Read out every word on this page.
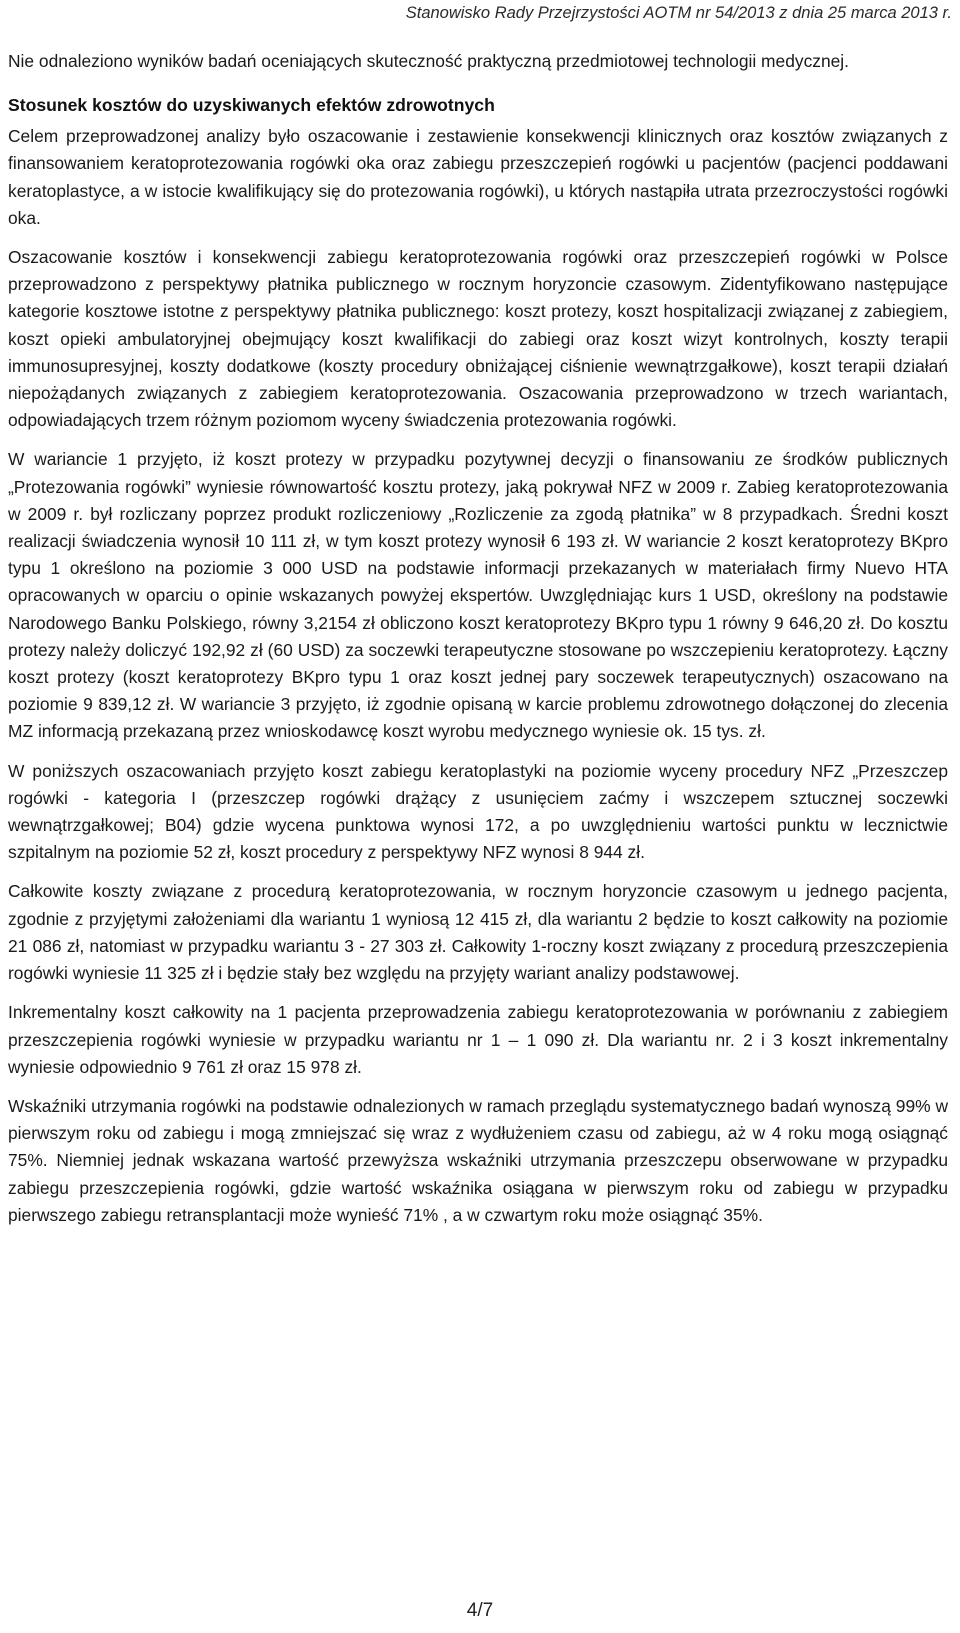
Stanowisko Rady Przejrzystości AOTM nr 54/2013 z dnia 25 marca 2013 r.

Nie odnaleziono wyników badań oceniających skuteczność praktyczną przedmiotowej technologii medycznej.

Stosunek kosztów do uzyskiwanych efektów zdrowotnych

Celem przeprowadzonej analizy było oszacowanie i zestawienie konsekwencji klinicznych oraz kosztów związanych z finansowaniem keratoprotezowania rogówki oka oraz zabiegu przeszczepień rogówki u pacjentów (pacjenci poddawani keratoplastyce, a w istocie kwalifikujący się do protezowania rogówki), u których nastąpiła utrata przezroczystości rogówki oka.

Oszacowanie kosztów i konsekwencji zabiegu keratoprotezowania rogówki oraz przeszczepień rogówki w Polsce przeprowadzono z perspektywy płatnika publicznego w rocznym horyzoncie czasowym. Zidentyfikowano następujące kategorie kosztowe istotne z perspektywy płatnika publicznego: koszt protezy, koszt hospitalizacji związanej z zabiegiem, koszt opieki ambulatoryjnej obejmujący koszt kwalifikacji do zabiegi oraz koszt wizyt kontrolnych, koszty terapii immunosupresyjnej, koszty dodatkowe (koszty procedury obniżającej ciśnienie wewnątrzgałkowe), koszt terapii działań niepożądanych związanych z zabiegiem keratoprotezowania. Oszacowania przeprowadzono w trzech wariantach, odpowiadających trzem różnym poziomom wyceny świadczenia protezowania rogówki.

W wariancie 1 przyjęto, iż koszt protezy w przypadku pozytywnej decyzji o finansowaniu ze środków publicznych „Protezowania rogówki” wyniesie równowartość kosztu protezy, jaką pokrywał NFZ w 2009 r. Zabieg keratoprotezowania w 2009 r. był rozliczany poprzez produkt rozliczeniowy „Rozliczenie za zgodą płatnika” w 8 przypadkach. Średni koszt realizacji świadczenia wynosił 10 111 zł, w tym koszt protezy wynosił 6 193 zł. W wariancie 2 koszt keratoprotezy BKpro typu 1 określono na poziomie 3 000 USD na podstawie informacji przekazanych w materiałach firmy Nuevo HTA opracowanych w oparciu o opinie wskazanych powyżej ekspertów. Uwzględniając kurs 1 USD, określony na podstawie Narodowego Banku Polskiego, równy 3,2154 zł obliczono koszt keratoprotezy BKpro typu 1 równy 9 646,20 zł. Do kosztu protezy należy doliczyć 192,92 zł (60 USD) za soczewki terapeutyczne stosowane po wszczepieniu keratoprotezy. Łączny koszt protezy (koszt keratoprotezy BKpro typu 1 oraz koszt jednej pary soczewek terapeutycznych) oszacowano na poziomie 9 839,12 zł. W wariancie 3 przyjęto, iż zgodnie opisaną w karcie problemu zdrowotnego dołączonej do zlecenia MZ informacją przekazaną przez wnioskodawcę koszt wyrobu medycznego wyniesie ok. 15 tys. zł.

W poniższych oszacowaniach przyjęto koszt zabiegu keratoplastyki na poziomie wyceny procedury NFZ „Przeszczep rogówki - kategoria I (przeszczep rogówki drążący z usunięciem zaćmy i wszczepem sztucznej soczewki wewnątrzgałkowej; B04) gdzie wycena punktowa wynosi 172, a po uwzględnieniu wartości punktu w lecznictwie szpitalnym na poziomie 52 zł, koszt procedury z perspektywy NFZ wynosi 8 944 zł.

Całkowite koszty związane z procedurą keratoprotezowania, w rocznym horyzoncie czasowym u jednego pacjenta, zgodnie z przyjętymi założeniami dla wariantu 1 wyniosą 12 415 zł, dla wariantu 2 będzie to koszt całkowity na poziomie 21 086 zł, natomiast w przypadku wariantu 3 - 27 303 zł. Całkowity 1-roczny koszt związany z procedurą przeszczepienia rogówki wyniesie 11 325 zł i będzie stały bez względu na przyjęty wariant analizy podstawowej.

Inkrementalny koszt całkowity na 1 pacjenta przeprowadzenia zabiegu keratoprotezowania w porównaniu z zabiegiem przeszczepienia rogówki wyniesie w przypadku wariantu nr 1 – 1 090 zł. Dla wariantu nr. 2 i 3 koszt inkrementalny wyniesie odpowiednio 9 761 zł oraz 15 978 zł.

Wskaźniki utrzymania rogówki na podstawie odnalezionych w ramach przeglądu systematycznego badań wynoszą 99% w pierwszym roku od zabiegu i mogą zmniejszać się wraz z wydłużeniem czasu od zabiegu, aż w 4 roku mogą osiągnąć 75%. Niemniej jednak wskazana wartość przewyższa wskaźniki utrzymania przeszczepu obserwowane w przypadku zabiegu przeszczepienia rogówki, gdzie wartość wskaźnika osiągana w pierwszym roku od zabiegu w przypadku pierwszego zabiegu retransplantacji może wynieść 71% , a w czwartym roku może osiągnąć 35%.

4/7
